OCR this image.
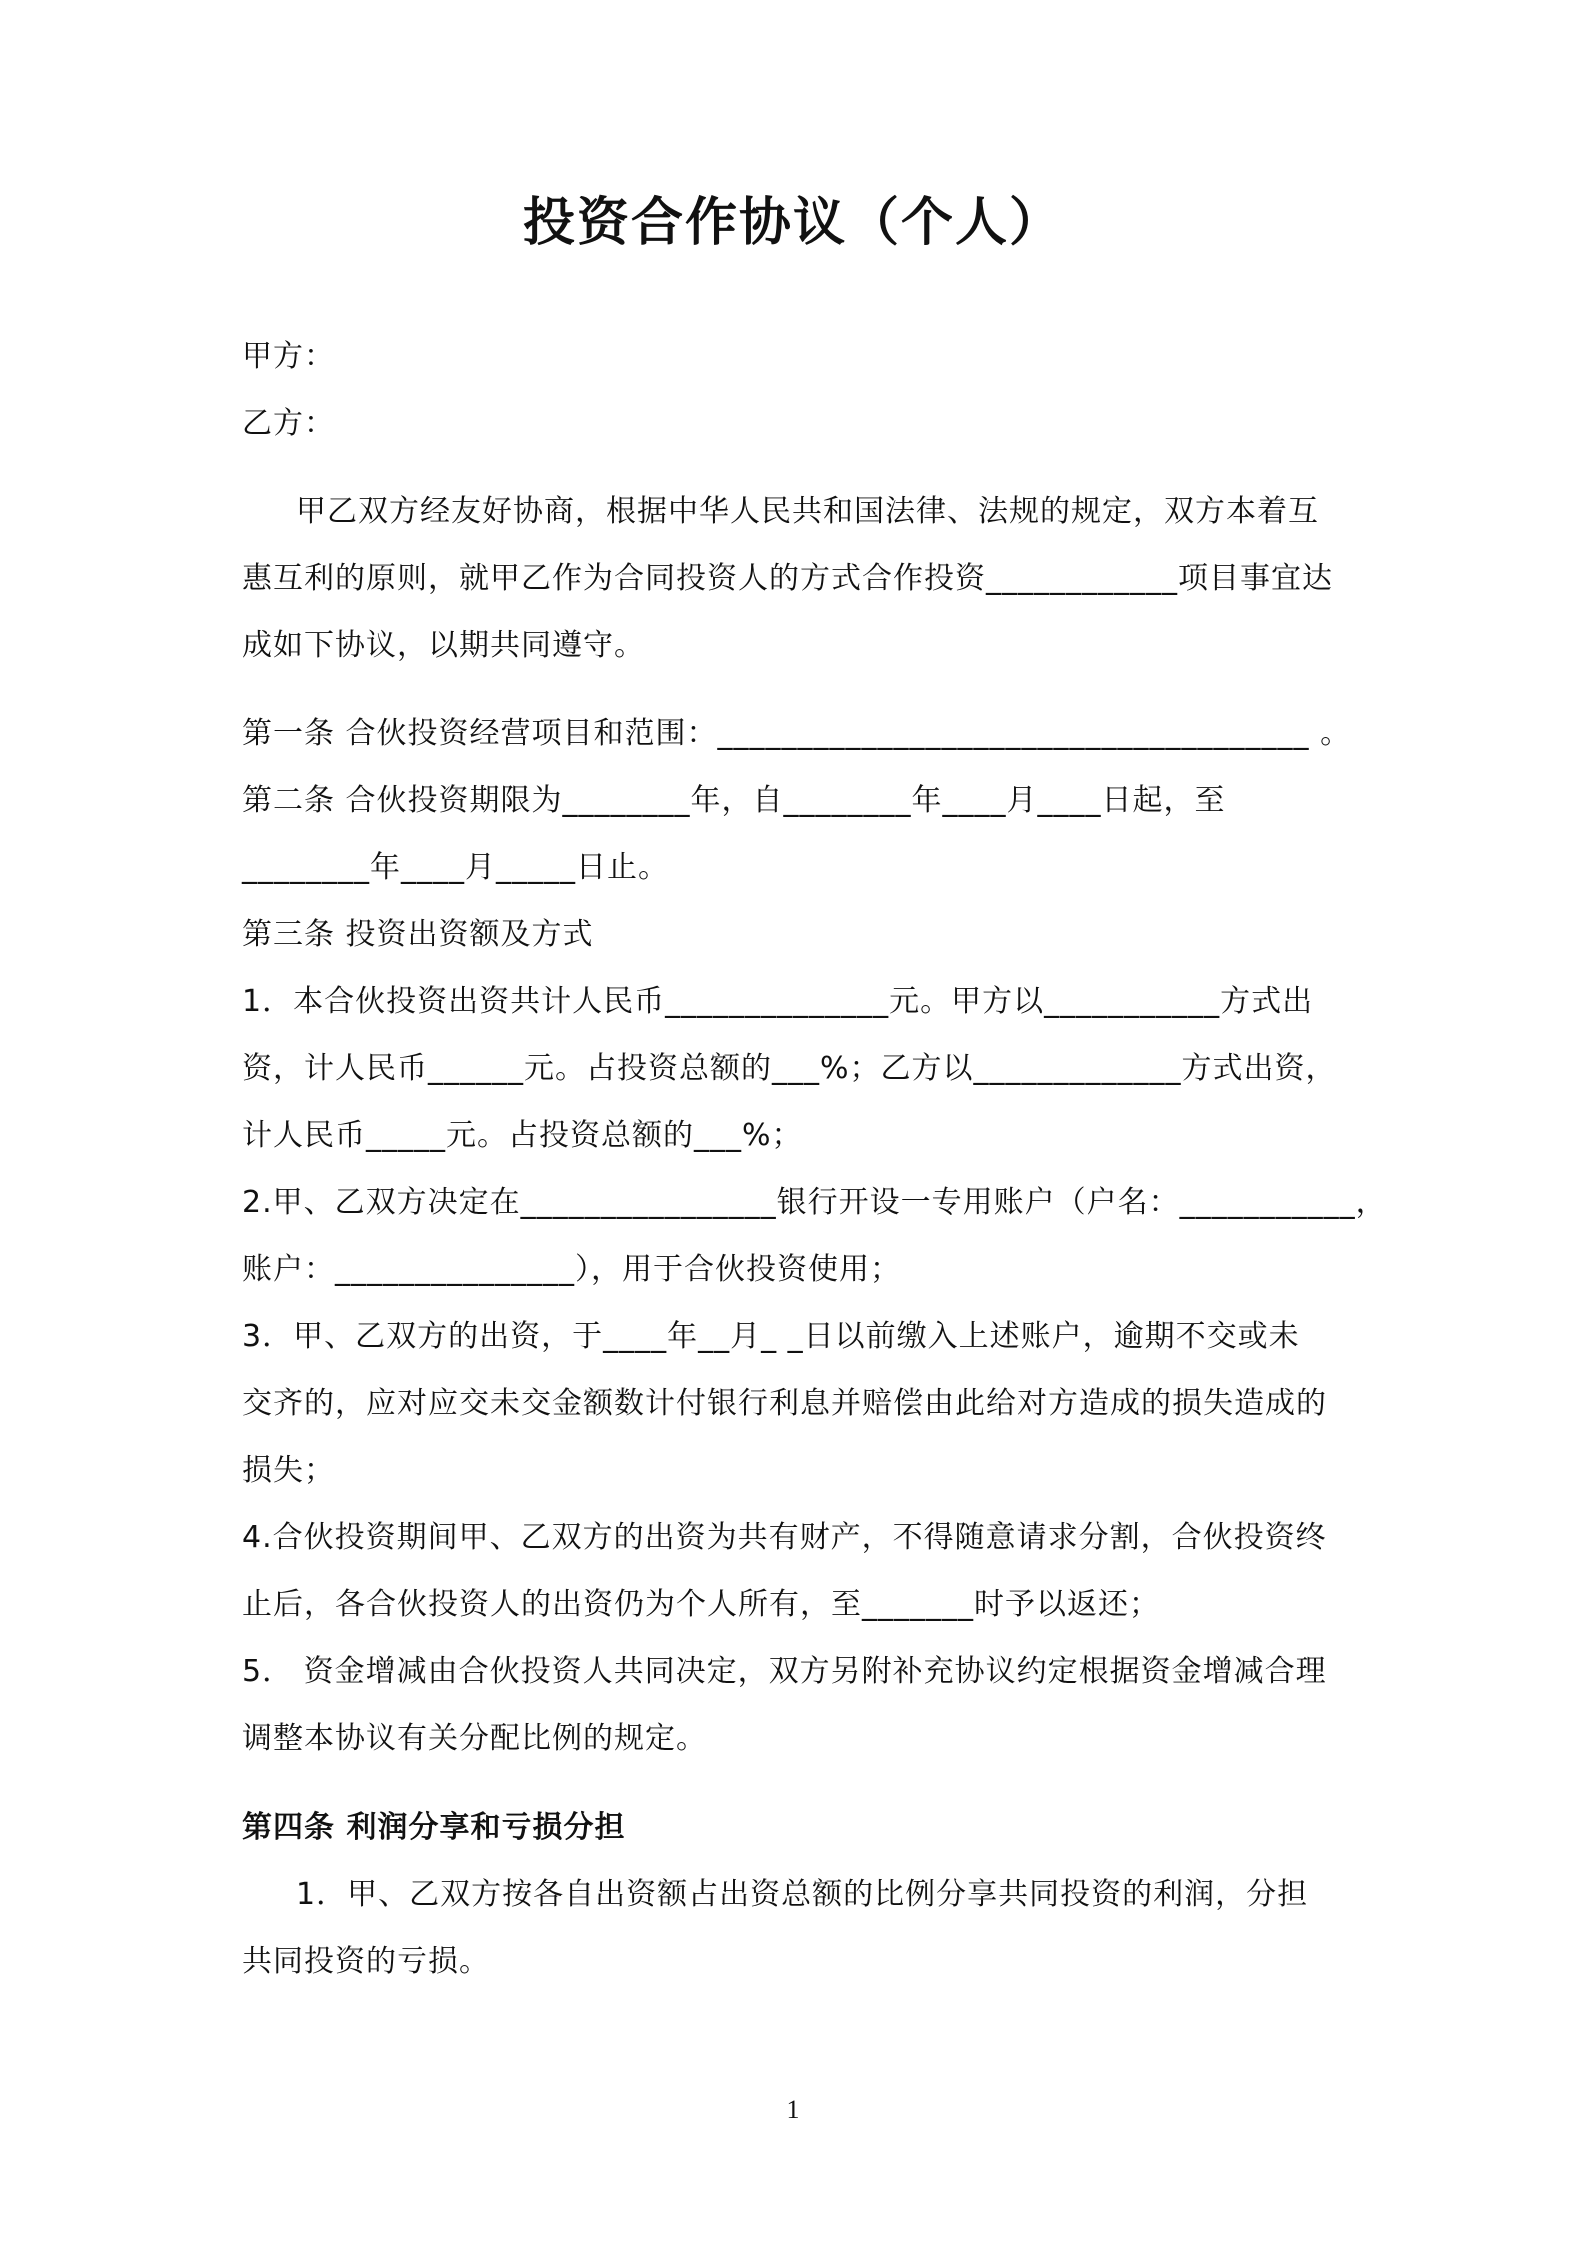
投资合作协议（个人）
甲方：
乙方：
甲乙双方经友好协商，根据中华人民共和国法律、法规的规定，双方本着互
惠互利的原则，就甲乙作为合同投资人的方式合作投资____________项目事宜达
成如下协议，以期共同遵守。
第一条 合伙投资经营项目和范围：_____________________________________ 。
第二条 合伙投资期限为________年，自________年____月____日起，至
________年____月_____日止。
第三条 投资出资额及方式
1．本合伙投资出资共计人民币______________元。甲方以___________方式出
资，计人民币______元。占投资总额的___%；乙方以_____________方式出资，
计人民币_____元。占投资总额的___%；
2.甲、乙双方决定在________________银行开设一专用账户（户名：___________，
账户：_______________），用于合伙投资使用；
3．甲、乙双方的出资，于____年__月_ _日以前缴入上述账户，逾期不交或未
交齐的，应对应交未交金额数计付银行利息并赔偿由此给对方造成的损失造成的
损失；
4.合伙投资期间甲、乙双方的出资为共有财产，不得随意请求分割，合伙投资终
止后，各合伙投资人的出资仍为个人所有，至_______时予以返还；
5． 资金增减由合伙投资人共同决定，双方另附补充协议约定根据资金增减合理
调整本协议有关分配比例的规定。
第四条 利润分享和亏损分担
1．甲、乙双方按各自出资额占出资总额的比例分享共同投资的利润，分担
共同投资的亏损。
1
